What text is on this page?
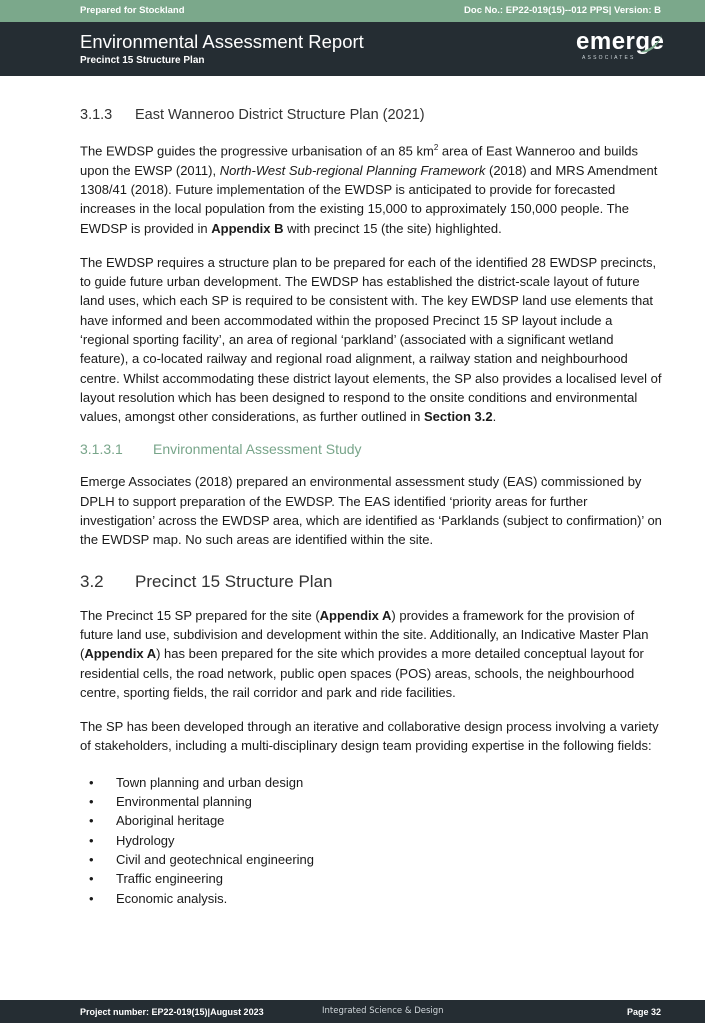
Prepared for Stockland	Doc No.: EP22-019(15)--012 PPS| Version: B
Environmental Assessment Report
Precinct 15 Structure Plan
emerge
ASSOCIATES
3.1.3 East Wanneroo District Structure Plan (2021)

The EWDSP guides the progressive urbanisation of an 85 $km^2$ area of East Wanneroo and builds upon the EWSP (2011), North-West Sub-regional Planning Framework (2018) and MRS Amendment 1308/41 (2018). Future implementation of the EWDSP is anticipated to provide for forecasted increases in the local population from the existing 15,000 to approximately 150,000 people. The EWDSP is provided in Appendix B with precinct 15 (the site) highlighted.

The EWDSP requires a structure plan to be prepared for each of the identified 28 EWDSP precincts, to guide future urban development. The EWDSP has established the district-scale layout of future land uses, which each SP is required to be consistent with. The key EWDSP land use elements that have informed and been accommodated within the proposed Precinct 15 SP layout include a ‘regional sporting facility’, an area of regional ‘parkland’ (associated with a significant wetland feature), a co-located railway and regional road alignment, a railway station and neighbourhood centre. Whilst accommodating these district layout elements, the SP also provides a localised level of layout resolution which has been designed to respond to the onsite conditions and environmental values, amongst other considerations, as further outlined in Section 3.2.

3.1.3.1 Environmental Assessment Study

Emerge Associates (2018) prepared an environmental assessment study (EAS) commissioned by DPLH to support preparation of the EWDSP. The EAS identified ‘priority areas for further investigation’ across the EWDSP area, which are identified as ‘Parklands (subject to confirmation)’ on the EWDSP map. No such areas are identified within the site.

3.2 Precinct 15 Structure Plan

The Precinct 15 SP prepared for the site (Appendix A) provides a framework for the provision of future land use, subdivision and development within the site. Additionally, an Indicative Master Plan (Appendix A) has been prepared for the site which provides a more detailed conceptual layout for residential cells, the road network, public open spaces (POS) areas, schools, the neighbourhood centre, sporting fields, the rail corridor and park and ride facilities.

The SP has been developed through an iterative and collaborative design process involving a variety of stakeholders, including a multi-disciplinary design team providing expertise in the following fields:

• Town planning and urban design
• Environmental planning
• Aboriginal heritage
• Hydrology
• Civil and geotechnical engineering
• Traffic engineering
• Economic analysis.
Project number: EP22-019(15)|August 2023	Integrated Science & Design	Page 32
